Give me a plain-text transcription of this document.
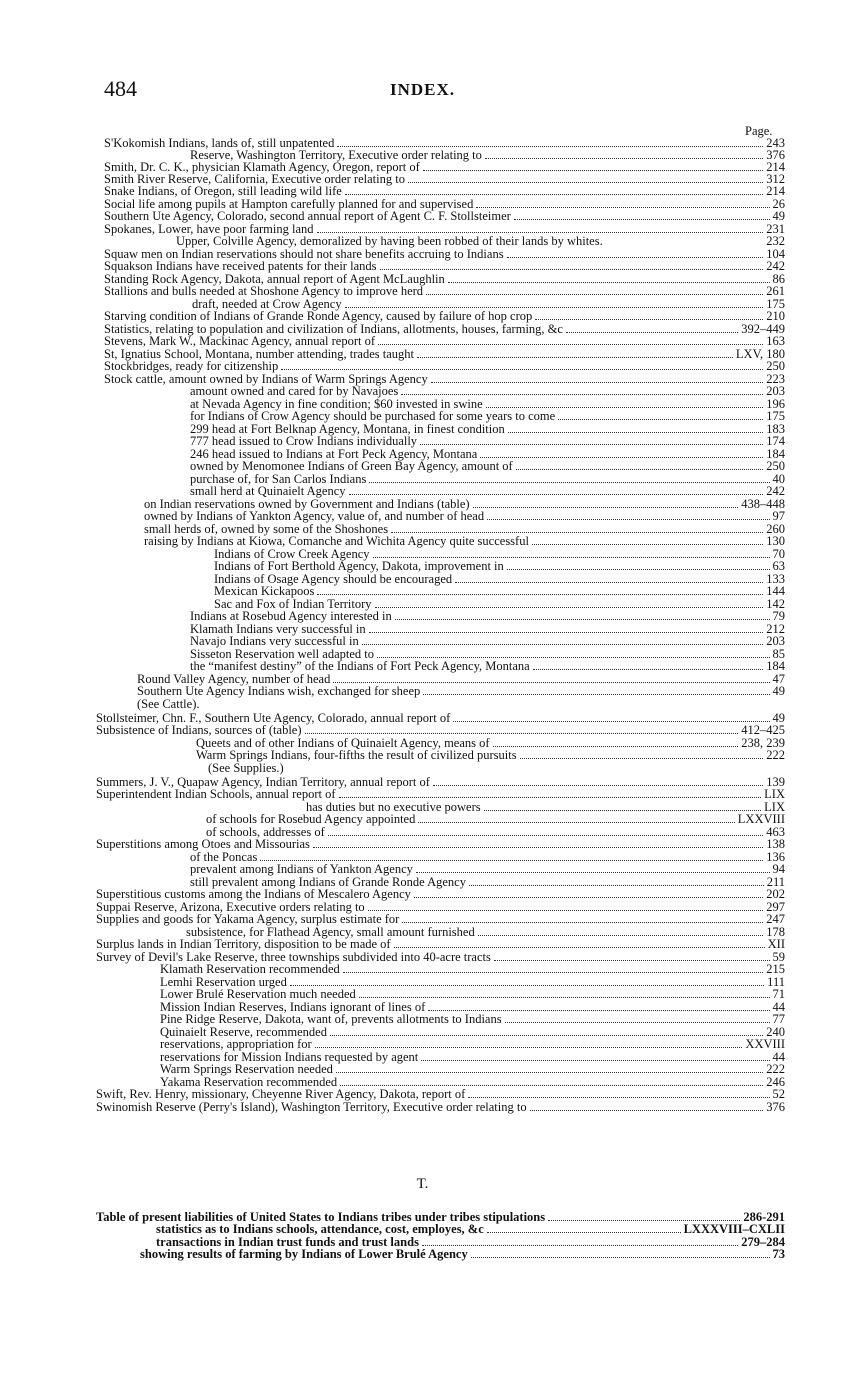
484	INDEX.
Page.
S'Kokomish Indians, lands of, still unpatented	243
Reserve, Washington Territory, Executive order relating to	376
Smith, Dr. C. K., physician Klamath Agency, Oregon, report of	214
Smith River Reserve, California, Executive order relating to	312
Snake Indians, of Oregon, still leading wild life	214
Social life among pupils at Hampton carefully planned for and supervised	26
Southern Ute Agency, Colorado, second annual report of Agent C. F. Stollsteimer	49
Spokanes, Lower, have poor farming land	231
Upper, Colville Agency, demoralized by having been robbed of their lands by whites.	232
Squaw men on Indian reservations should not share benefits accruing to Indians	104
Squakson Indians have received patents for their lands	242
Standing Rock Agency, Dakota, annual report of Agent McLaughlin	86
Stallions and bulls needed at Shoshone Agency to improve herd	261
draft, needed at Crow Agency	175
Starving condition of Indians of Grande Ronde Agency, caused by failure of hop crop	210
Statistics, relating to population and civilization of Indians, allotments, houses, farming, &c	392–449
Stevens, Mark W., Mackinac Agency, annual report of	163
St, Ignatius School, Montana, number attending, trades taught	LXV, 180
Stockbridges, ready for citizenship	250
Stock cattle, amount owned by Indians of Warm Springs Agency	223
amount owned and cared for by Navajoes	203
at Nevada Agency in fine condition; $60 invested in swine	196
for Indians of Crow Agency should be purchased for some years to come	175
299 head at Fort Belknap Agency, Montana, in finest condition	183
777 head issued to Crow Indians individually	174
246 head issued to Indians at Fort Peck Agency, Montana	184
owned by Menomonee Indians of Green Bay Agency, amount of	250
purchase of, for San Carlos Indians	40
small herd at Quinaielt Agency	242
on Indian reservations owned by Government and Indians (table)	438–448
owned by Indians of Yankton Agency, value of, and number of head	97
small herds of, owned by some of the Shoshones	260
raising by Indians at Kiowa, Comanche and Wichita Agency quite successful	130
Indians of Crow Creek Agency	70
Indians of Fort Berthold Agency, Dakota, improvement in	63
Indians of Osage Agency should be encouraged	133
Mexican Kickapoos	144
Sac and Fox of Indian Territory	142
Indians at Rosebud Agency interested in	79
Klamath Indians very successful in	212
Navajo Indians very successful in	203
Sisseton Reservation well adapted to	85
the “manifest destiny” of the Indians of Fort Peck Agency, Montana	184
Round Valley Agency, number of head	47
Southern Ute Agency Indians wish, exchanged for sheep	49
(See Cattle).
Stollsteimer, Chn. F., Southern Ute Agency, Colorado, annual report of	49
Subsistence of Indians, sources of (table)	412–425
Queets and of other Indians of Quinaielt Agency, means of	238, 239
Warm Springs Indians, four-fifths the result of civilized pursuits	222
(See Supplies.)
Summers, J. V., Quapaw Agency, Indian Territory, annual report of	139
Superintendent Indian Schools, annual report of	LIX
has duties but no executive powers	LIX
of schools for Rosebud Agency appointed	LXXVIII
of schools, addresses of	463
Superstitions among Otoes and Missourias	138
of the Poncas	136
prevalent among Indians of Yankton Agency	94
still prevalent among Indians of Grande Ronde Agency	211
Superstitious customs among the Indians of Mescalero Agency	202
Suppai Reserve, Arizona, Executive orders relating to	297
Supplies and goods for Yakama Agency, surplus estimate for	247
subsistence, for Flathead Agency, small amount furnished	178
Surplus lands in Indian Territory, disposition to be made of	XII
Survey of Devil's Lake Reserve, three townships subdivided into 40-acre tracts	59
Klamath Reservation recommended	215
Lemhi Reservation urged	111
Lower Brulé Reservation much needed	71
Mission Indian Reserves, Indians ignorant of lines of	44
Pine Ridge Reserve, Dakota, want of, prevents allotments to Indians	77
Quinaielt Reserve, recommended	240
reservations, appropriation for	XXVIII
reservations for Mission Indians requested by agent	44
Warm Springs Reservation needed	222
Yakama Reservation recommended	246
Swift, Rev. Henry, missionary, Cheyenne River Agency, Dakota, report of	52
Swinomish Reserve (Perry's Island), Washington Territory, Executive order relating to	376
Table of present liabilities of United States to Indians tribes under tribes stipulations	286-291
statistics as to Indians schools, attendance, cost, employes, &c	LXXXVIII–CXLII
transactions in Indian trust funds and trust lands	279–284
showing results of farming by Indians of Lower Brulé Agency	73
T.
